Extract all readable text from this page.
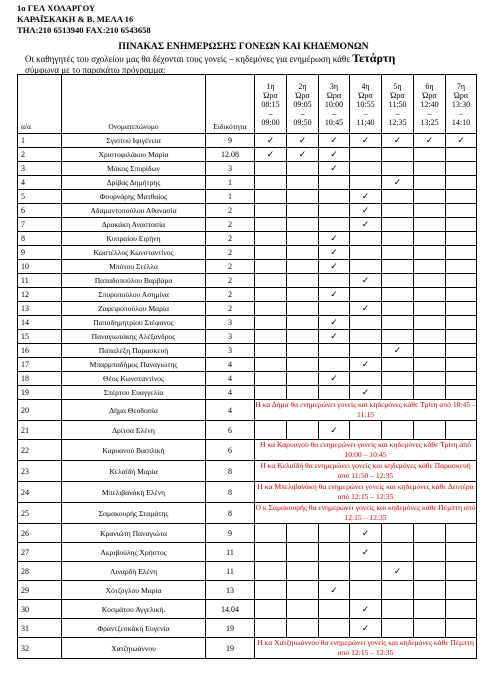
1ο ΓΕΛ ΧΟΛΑΡΓΟΥ
ΚΑΡΑΪΣΚΑΚΗ & Β. ΜΕΛΑ 16
ΤΗΛ:210 6513940 FAX:210 6543658
ΠΙΝΑΚΑΣ ΕΝΗΜΕΡΩΣΗΣ ΓΟΝΕΩΝ ΚΑΙ ΚΗΔΕΜΟΝΩΝ
Οι καθηγητές του σχολείου μας θα δέχονται τους γονείς – κηδεμόνες για ενημέρωση κάθε Τετάρτη
σύμφωνα με το παρακάτω πρόγραμμα:
α/α	Ονοματεπώνυμο	Ειδικότητα	1η
Ώρα
08:15
–
09:00	2η
Ώρα
09:05
–
09:50	3η
Ώρα
10:00
–
10:45	4η
Ώρα
10:55
–
11:40	5η
Ώρα
11:50
–
12:35	6η
Ώρα
12:40
–
13:25	7η
Ώρα
13:30
–
14:10
1	Σγιστού Ιφιγένεια	9	✓	✓	✓	✓	✓	✓	✓
2	Χριστοφιλάκου Μαρία	12.08	✓	✓	✓				
3	Μάκος Σπυρίδων	3			✓				
4	Δρίβας Δημήτρης	1					✓		
5	Φουρνάρης Ματθαίος	1				✓			
6	Αδαμαντοπούλου Αθανασία	2				✓			
7	Δρακάκη Αναστασία	2				✓			
8	Κυπραίου Ειρήνη	2			✓				
9	Κωστέλλος Κωνσταντίνος	2			✓				
10	Μπότου Στέλλα	2			✓				
11	Παπαδοπούλου Βαρβάρα	2				✓			
12	Σπυροπούλου Ασημίνα	2			✓				
13	Ζαφειροπούλου Μαρία	2				✓			
14	Παπαδημητρίου Στέφανος	3			✓				
15	Παναγιωτάκης Αλέξανδρος	3			✓				
16	Παπαλέξη Παρασκευή	3					✓		
17	Μπαρμπαδήμος Παναγιώτης	4				✓			
18	Θέος Κωνσταντίνος	4			✓				
19	Σπέρτου Ευαγγελία	4				✓			
20	Δήμα Θεοδοσία	4	Η κα Δήμα θα ενημερώνει γονείς και κηδεμόνες κάθε Τρίτη από 10:45 – 11:15						
21	Δρίτσα Ελένη	6			✓				
22	Καρυανού Βασιλική	6	Η κα Καρυανού θα ενημερώνει γονείς και κηδεμόνες κάθε Τρίτη από 10:00 – 10:45						
23	Κελαϊδή Μαρία	8	Η κα Κελαϊδή θα ενημερώνει γονείς και κηδεμόνες κάθε Παρασκευή από 11:50 – 12:35						
24	Μπελιβανάκη Ελένη	8	Η κα Μπελιβανάκη θα ενημερώνει γονείς και κηδεμόνες κάθε Δευτέρα από 12:15 – 12:35						
25	Σαμακουρής Σταμάτης	8	Ο κ Σαμακουρής θα ενημερώνει γονείς και κηδεμόνες κάθε Πέμπτη από 12:15 – 12:35						
26	Κρανιώτη Παναγιώτα	9				✓			
27	Ακριβούλης Χρήστος	11				✓			
28	Λιναρδή Ελένη	11					✓		
29	Χότζογλου Μαρία	13			✓				
30	Κοσμάτου Αγγελική.	14.04				✓			
31	Φραντζεσκάκη Ευγενία	19				✓			
32	Χατζηιωάννου	19	Η κα Χατζηιωάννου θα ενημερώνει γονείς και κηδεμόνες κάθε Πέμπτη από 12:15 – 12:35						
